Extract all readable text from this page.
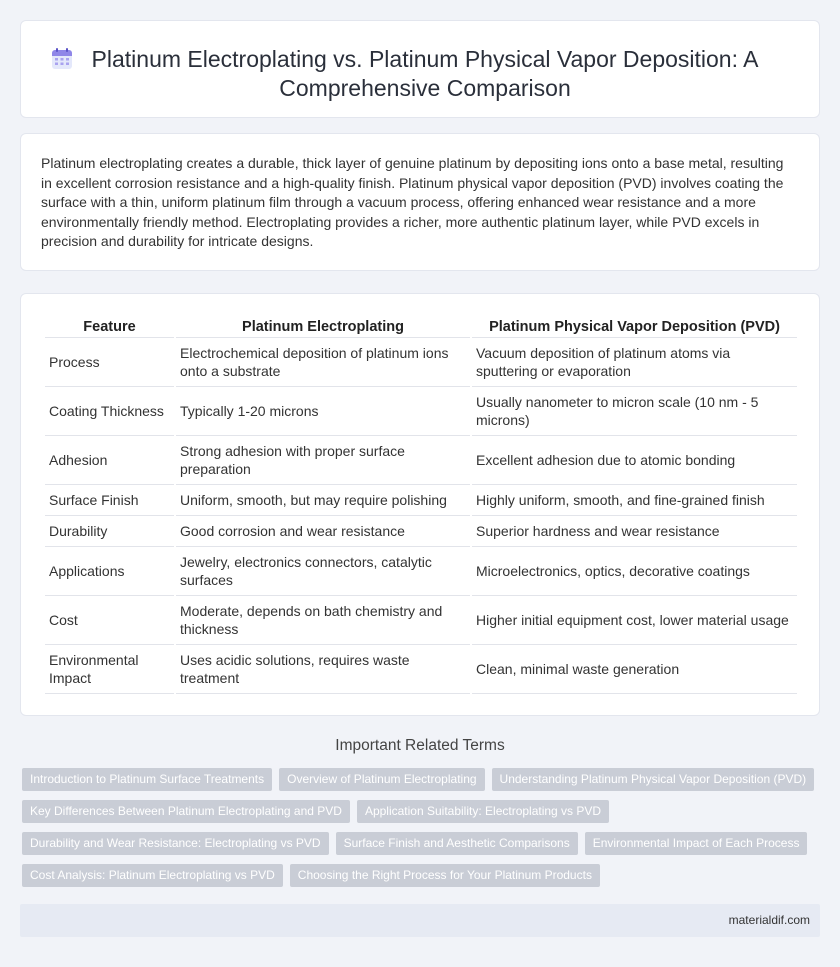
Platinum Electroplating vs. Platinum Physical Vapor Deposition: A Comprehensive Comparison

Platinum electroplating creates a durable, thick layer of genuine platinum by depositing ions onto a base metal, resulting in excellent corrosion resistance and a high-quality finish. Platinum physical vapor deposition (PVD) involves coating the surface with a thin, uniform platinum film through a vacuum process, offering enhanced wear resistance and a more environmentally friendly method. Electroplating provides a richer, more authentic platinum layer, while PVD excels in precision and durability for intricate designs.

Feature	Platinum Electroplating	Platinum Physical Vapor Deposition (PVD)
Process	Electrochemical deposition of platinum ions onto a substrate	Vacuum deposition of platinum atoms via sputtering or evaporation
Coating Thickness	Typically 1-20 microns	Usually nanometer to micron scale (10 nm - 5 microns)
Adhesion	Strong adhesion with proper surface preparation	Excellent adhesion due to atomic bonding
Surface Finish	Uniform, smooth, but may require polishing	Highly uniform, smooth, and fine-grained finish
Durability	Good corrosion and wear resistance	Superior hardness and wear resistance
Applications	Jewelry, electronics connectors, catalytic surfaces	Microelectronics, optics, decorative coatings
Cost	Moderate, depends on bath chemistry and thickness	Higher initial equipment cost, lower material usage
Environmental Impact	Uses acidic solutions, requires waste treatment	Clean, minimal waste generation
Important Related Terms
Introduction to Platinum Surface Treatments	Overview of Platinum Electroplating	Understanding Platinum Physical Vapor Deposition (PVD)
Key Differences Between Platinum Electroplating and PVD	Application Suitability: Electroplating vs PVD
Durability and Wear Resistance: Electroplating vs PVD	Surface Finish and Aesthetic Comparisons	Environmental Impact of Each Process
Cost Analysis: Platinum Electroplating vs PVD	Choosing the Right Process for Your Platinum Products
materialdif.com
